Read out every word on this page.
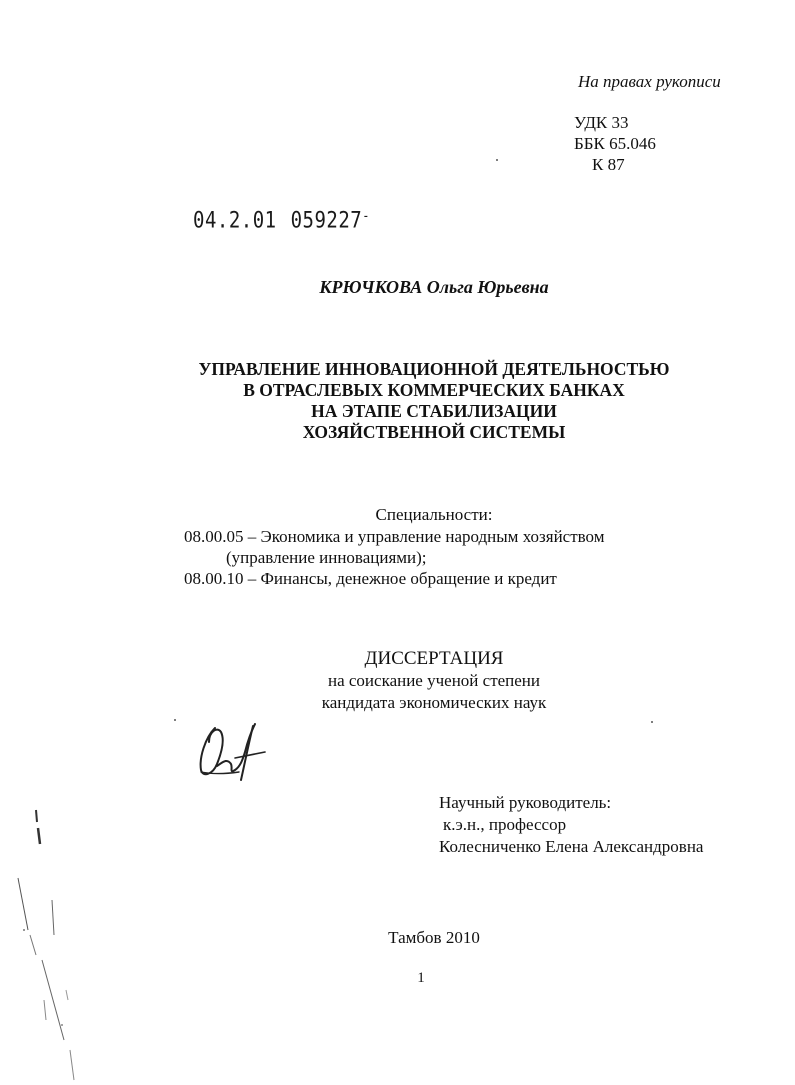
На правах рукописи
УДК 33
ББК 65.046
К 87
04.2.01 059227-
КРЮЧКОВА Ольга Юрьевна
УПРАВЛЕНИЕ ИННОВАЦИОННОЙ ДЕЯТЕЛЬНОСТЬЮ
В ОТРАСЛЕВЫХ КОММЕРЧЕСКИХ БАНКАХ
НА ЭТАПЕ СТАБИЛИЗАЦИИ
ХОЗЯЙСТВЕННОЙ СИСТЕМЫ
Специальности:
08.00.05 – Экономика и управление народным хозяйством
(управление инновациями);
08.00.10 – Финансы, денежное обращение и кредит
ДИССЕРТАЦИЯ
на соискание ученой степени
кандидата экономических наук
Научный руководитель:
к.э.н., профессор
Колесниченко Елена Александровна
Тамбов 2010
1
